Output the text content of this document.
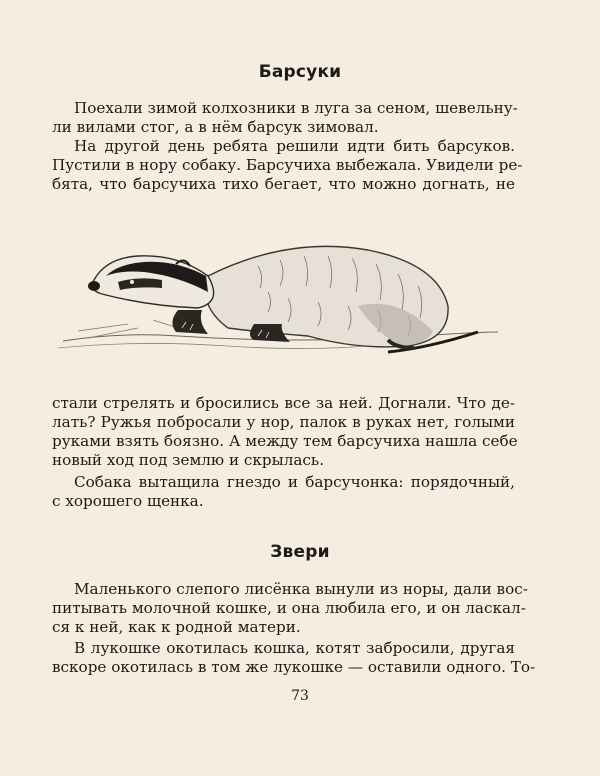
Барсуки
Поехали зимой колхозники в луга за сеном, шевельну-
ли вилами стог, а в нём барсук зимовал.
На другой день ребята решили идти бить барсуков.
Пустили в нору собаку. Барсучиха выбежала. Увидели ре-
бята, что барсучиха тихо бегает, что можно догнать, не
стали стрелять и бросились все за ней. Догнали. Что де-
лать? Ружья побросали у нор, палок в руках нет, голыми
руками взять боязно. А между тем барсучиха нашла себе
новый ход под землю и скрылась.
Собака вытащила гнездо и барсучонка: порядочный,
с хорошего щенка.
Звери
Маленького слепого лисёнка вынули из норы, дали вос-
питывать молочной кошке, и она любила его, и он ласкал-
ся к ней, как к родной матери.
В лукошке окотилась кошка, котят забросили, другая
вскоре окотилась в том же лукошке — оставили одного. То-
73
